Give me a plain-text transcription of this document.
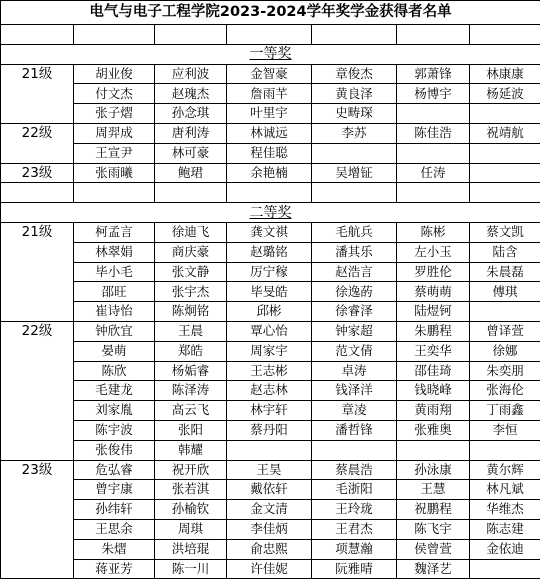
电气与电子工程学院2023-2024学年奖学金获得者名单						

一等奖						
21级	胡业俊	应利波	金智豪	章俊杰	郭萧锋	林康康
	付文杰	赵瑰杰	詹雨芊	黄良泽	杨博宇	杨延波
	张子熠	孙念琪	叶里宇	史畴琛		
22级	周羿成	唐利涛	林诚远	李苏	陈佳浩	祝靖航
	王宣尹	林可豪	程佳聪			
23级	张雨曦	鲍珺	余艳楠	吴增钲	任涛	

二等奖						
21级	柯孟言	徐迪飞	龚文祺	毛航兵	陈彬	蔡文凯
	林翠娟	商庆豪	赵璐铭	潘其乐	左小玉	陆含
	毕小毛	张文静	厉宁稼	赵浩言	罗胜伦	朱晨磊
	邵旺	张宇杰	毕旻皓	徐逸菂	蔡萌萌	傅琪
	崔诗怡	陈炯铭	邱彬	徐睿泽	陆煜钶	
22级	钟欣宜	王晨	覃心怡	钟家超	朱鹏程	曾译萱
	晏萌	郑皓	周家宇	范文倩	王奕华	徐娜
	陈欣	杨姤睿	王志彬	卓涛	邵佳琦	朱奕朋
	毛建龙	陈泽涛	赵志林	钱泽洋	钱晓峰	张海伦
	刘家胤	高云飞	林宇轩	章凌	黄雨翔	丁雨鑫
	陈宇波	张阳	蔡丹阳	潘哲锋	张雅奥	李恒
	张俊伟	韩耀				
23级	危弘睿	祝开欣	王昊	蔡晨浩	孙泳康	黄尔辉
	曾宇康	张若淇	戴依轩	毛浙阳	王慧	林凡斌
	孙纬轩	孙榆钦	金文清	王玲珑	祝鹏程	华维杰
	王思余	周琪	李佳炳	王君杰	陈飞宇	陈志建
	朱熠	洪培琨	俞忠熙	项慧瀚	侯曾萱	金依迪
	蒋亚芳	陈一川	许佳妮	阮雅晴	魏泽艺	
